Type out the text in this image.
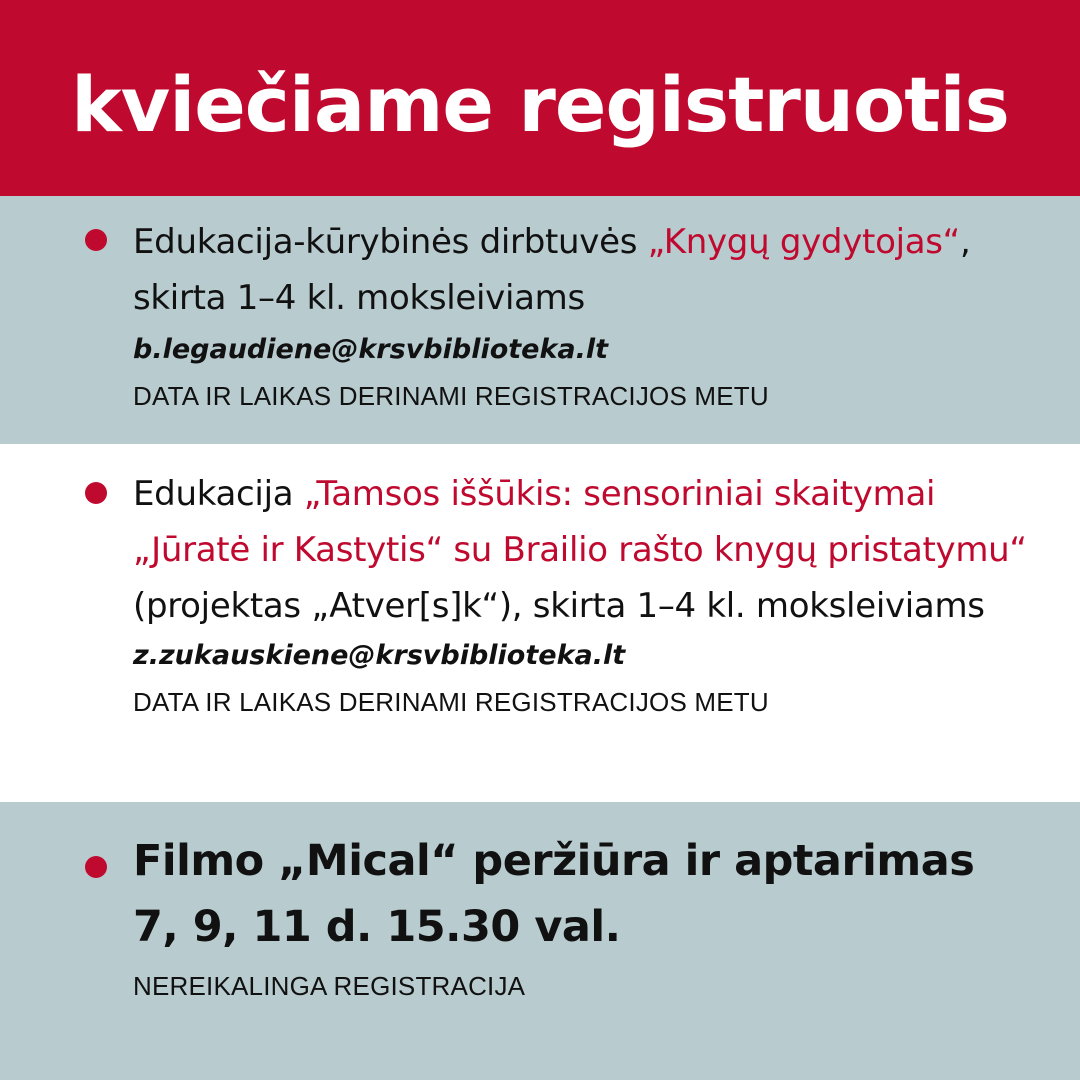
kviečiame registruotis
Edukacija-kūrybinės dirbtuvės „Knygų gydytojas“, skirta 1–4 kl. moksleiviams
b.legaudiene@krsvbiblioteka.lt
DATA IR LAIKAS DERINAMI REGISTRACIJOS METU
Edukacija „Tamsos iššūkis: sensoriniai skaitymai „Jūratė ir Kastytis“ su Brailio rašto knygų pristatymu“ (projektas „Atver[s]k“), skirta 1–4 kl. moksleiviams
z.zukauskiene@krsvbiblioteka.lt
DATA IR LAIKAS DERINAMI REGISTRACIJOS METU
Filmo „Mical“ peržiūra ir aptarimas
7, 9, 11 d. 15.30 val.
NEREIKALINGA REGISTRACIJA
